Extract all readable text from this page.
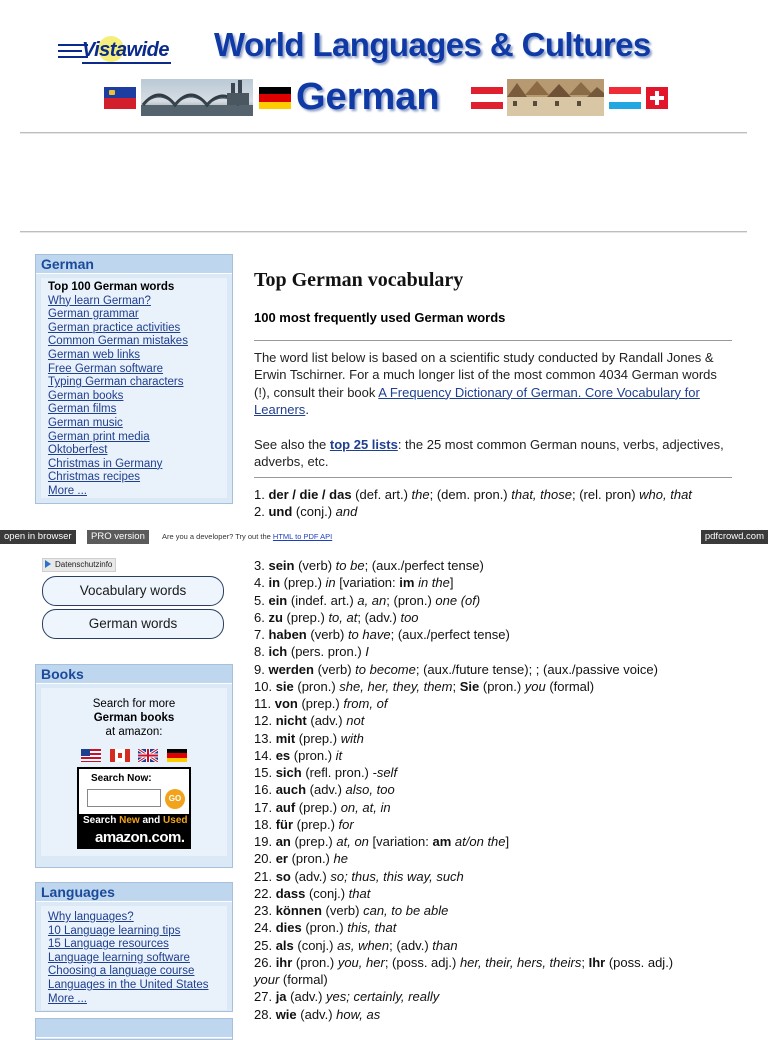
Vistawide World Languages & Cultures
German
German
Top 100 German words
Why learn German?
German grammar
German practice activities
Common German mistakes
German web links
Free German software
Typing German characters
German books
German films
German music
German print media
Oktoberfest
Christmas in Germany
Christmas recipes
More ...
Top German vocabulary
100 most frequently used German words
The word list below is based on a scientific study conducted by Randall Jones & Erwin Tschirner. For a much longer list of the most common 4034 German words (!), consult their book A Frequency Dictionary of German. Core Vocabulary for Learners.
See also the top 25 lists: the 25 most common German nouns, verbs, adjectives, adverbs, etc.
1. der / die / das (def. art.) the; (dem. pron.) that, those; (rel. pron) who, that
2. und (conj.) and
open in browser	PRO version	Are you a developer? Try out the HTML to PDF API	pdfcrowd.com
Datenschutzinfo
Vocabulary words
German words
Books
Search for more
German books
at amazon:

Search Now:
GO
Search New and Used
amazon.com.
Languages
Why languages?
10 Language learning tips
15 Language resources
Language learning software
Choosing a language course
Languages in the United States
More ...
3. sein (verb) to be; (aux./perfect tense)
4. in (prep.) in [variation: im in the]
5. ein (indef. art.) a, an; (pron.) one (of)
6. zu (prep.) to, at; (adv.) too
7. haben (verb) to have; (aux./perfect tense)
8. ich (pers. pron.) I
9. werden (verb) to become; (aux./future tense); ; (aux./passive voice)
10. sie (pron.) she, her, they, them; Sie (pron.) you (formal)
11. von (prep.) from, of
12. nicht (adv.) not
13. mit (prep.) with
14. es (pron.) it
15. sich (refl. pron.) -self
16. auch (adv.) also, too
17. auf (prep.) on, at, in
18. für (prep.) for
19. an (prep.) at, on [variation: am at/on the]
20. er (pron.) he
21. so (adv.) so; thus, this way, such
22. dass (conj.) that
23. können (verb) can, to be able
24. dies (pron.) this, that
25. als (conj.) as, when; (adv.) than
26. ihr (pron.) you, her; (poss. adj.) her, their, hers, theirs; Ihr (poss. adj.)
your (formal)
27. ja (adv.) yes; certainly, really
28. wie (adv.) how, as
